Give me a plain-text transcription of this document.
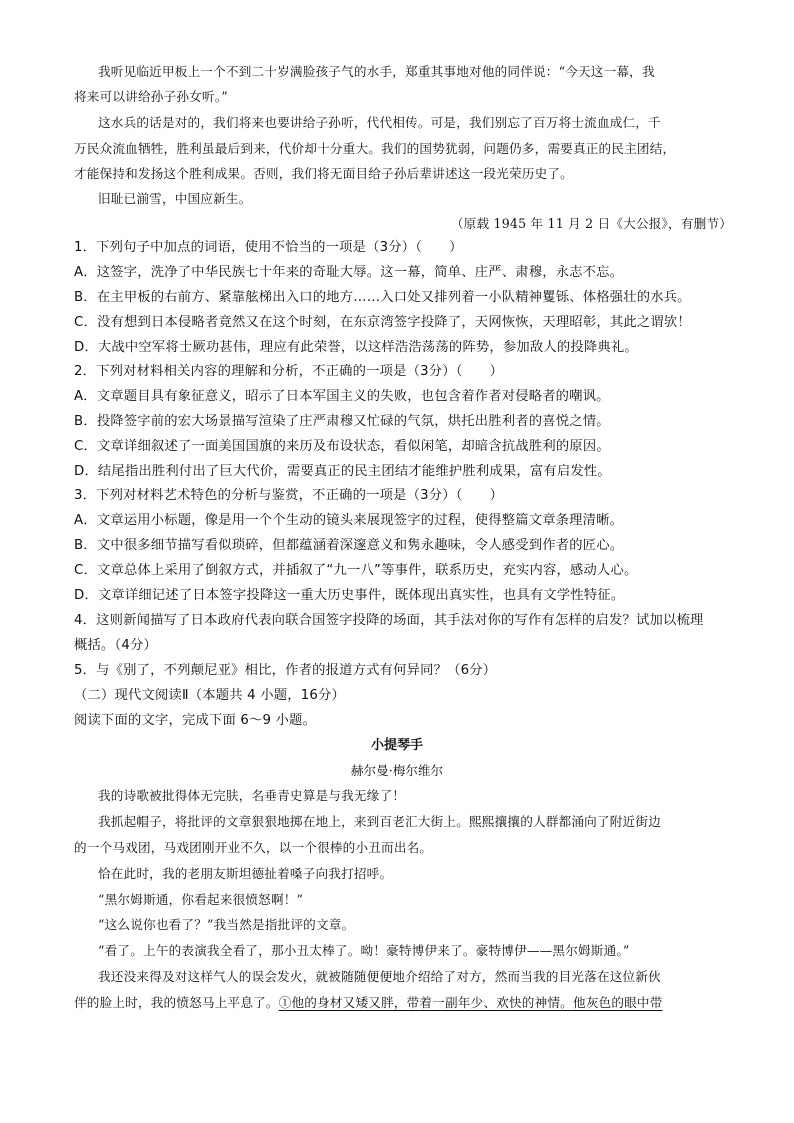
我听见临近甲板上一个不到二十岁满脸孩子气的水手，郑重其事地对他的同伴说：“今天这一幕，我
将来可以讲给孙子孙女听。”
这水兵的话是对的，我们将来也要讲给子孙听，代代相传。可是，我们别忘了百万将士流血成仁，千
万民众流血牺牲，胜利虽最后到来，代价却十分重大。我们的国势犹弱，问题仍多，需要真正的民主团结，
才能保持和发扬这个胜利成果。否则，我们将无面目给子孙后辈讲述这一段光荣历史了。
旧耻已湔雪，中国应新生。
（原载 1945 年 11 月 2 日《大公报》，有删节）
1．下列句子中加点的词语，使用不恰当的一项是（3分）（　　）
A．这签字，洗净了中华民族七十年来的奇耻大辱。这一幕，简单、庄严、肃穆，永志不忘。
B．在主甲板的右前方、紧靠舷梯出入口的地方……入口处又排列着一小队精神矍铄、体格强壮的水兵。
C．没有想到日本侵略者竟然又在这个时刻，在东京湾签字投降了，天网恢恢，天理昭彰，其此之谓欤！
D．大战中空军将士厥功甚伟，理应有此荣誉，以这样浩浩荡荡的阵势，参加敌人的投降典礼。
2．下列对材料相关内容的理解和分析，不正确的一项是（3分）（　　）
A．文章题目具有象征意义，昭示了日本军国主义的失败，也包含着作者对侵略者的嘲讽。
B．投降签字前的宏大场景描写渲染了庄严肃穆又忙碌的气氛，烘托出胜利者的喜悦之情。
C．文章详细叙述了一面美国国旗的来历及布设状态，看似闲笔，却暗含抗战胜利的原因。
D．结尾指出胜利付出了巨大代价，需要真正的民主团结才能维护胜利成果，富有启发性。
3．下列对材料艺术特色的分析与鉴赏，不正确的一项是（3分）（　　）
A．文章运用小标题，像是用一个个生动的镜头来展现签字的过程，使得整篇文章条理清晰。
B．文中很多细节描写看似琐碎，但都蕴涵着深邃意义和隽永趣味，令人感受到作者的匠心。
C．文章总体上采用了倒叙方式，并插叙了“九一八”等事件，联系历史，充实内容，感动人心。
D．文章详细记述了日本签字投降这一重大历史事件，既体现出真实性，也具有文学性特征。
4．这则新闻描写了日本政府代表向联合国签字投降的场面，其手法对你的写作有怎样的启发？试加以梳理
概括。（4分）
5．与《别了，不列颠尼亚》相比，作者的报道方式有何异同？（6分）
（二）现代文阅读Ⅱ（本题共 4 小题，16分）
阅读下面的文字，完成下面 6～9 小题。
小提琴手
赫尔曼·梅尔维尔
我的诗歌被批得体无完肤，名垂青史算是与我无缘了！
我抓起帽子，将批评的文章狠狠地掷在地上，来到百老汇大街上。熙熙攘攘的人群都涌向了附近街边
的一个马戏团，马戏团刚开业不久，以一个很棒的小丑而出名。
恰在此时，我的老朋友斯坦德扯着嗓子向我打招呼。
“黑尔姆斯通，你看起来很愤怒啊！”
“这么说你也看了？”我当然是指批评的文章。
“看了。上午的表演我全看了，那小丑太棒了。呦！豪特博伊来了。豪特博伊——黑尔姆斯通。”
我还没来得及对这样气人的误会发火，就被随随便便地介绍给了对方，然而当我的目光落在这位新伙
伴的脸上时，我的愤怒马上平息了。①他的身材又矮又胖，带着一副年少、欢快的神情。他灰色的眼中带
